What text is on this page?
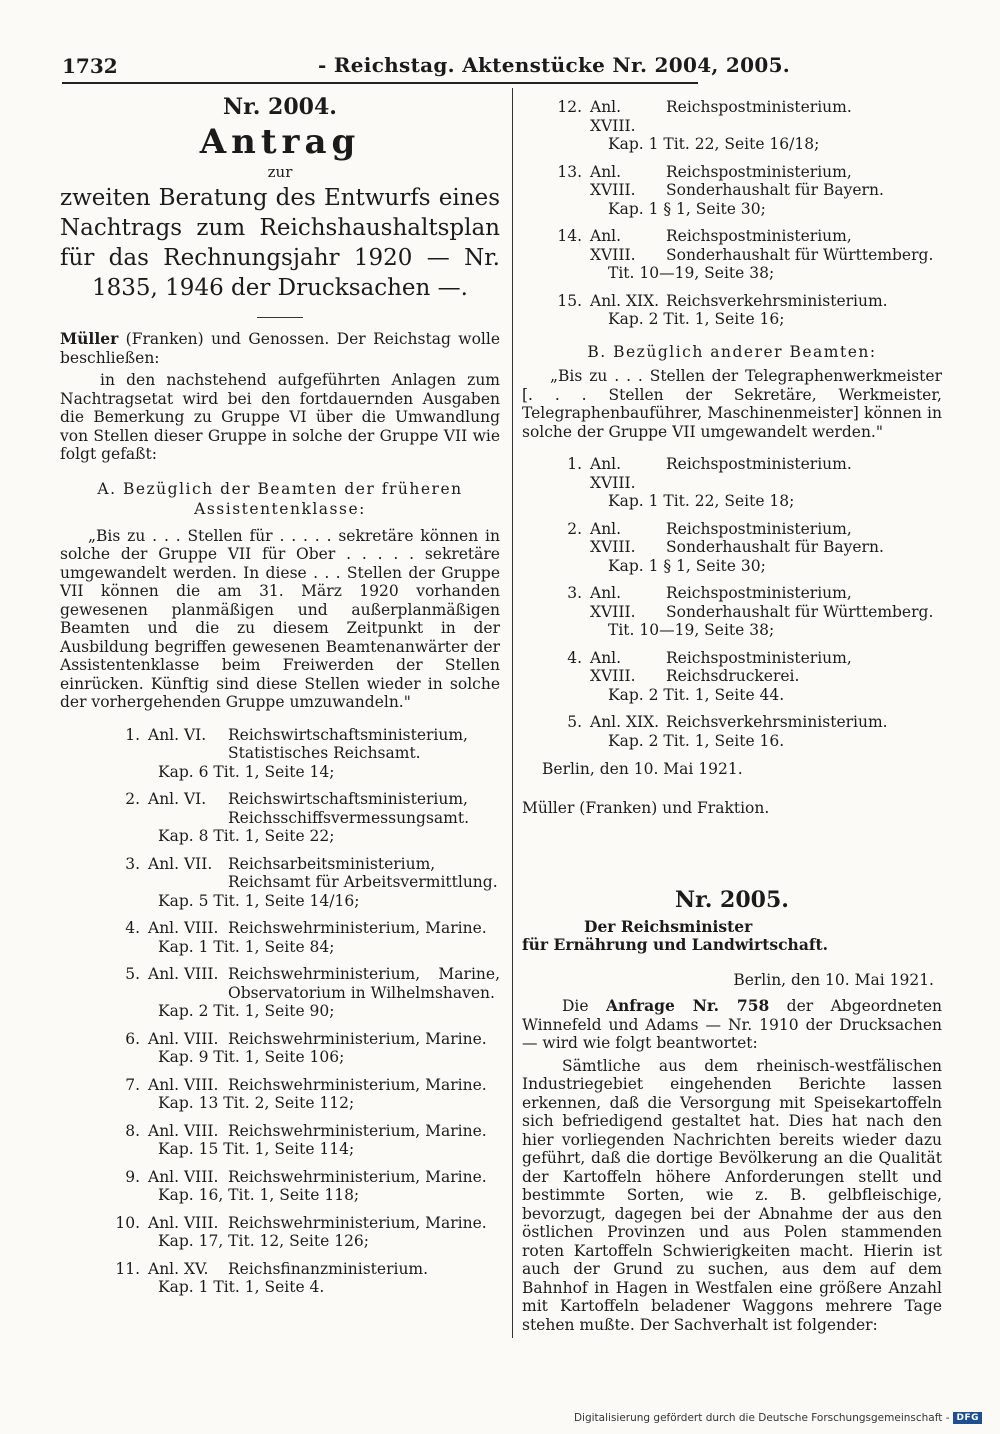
1732	- Reichstag. Aktenstücke Nr. 2004, 2005.
Nr. 2004.
Antrag
zur

zweiten Beratung des Entwurfs eines Nachtrags zum Reichshaushaltsplan für das Rechnungsjahr 1920 — Nr. 1835, 1946 der Drucksachen —.

Müller (Franken) und Genossen. Der Reichstag wolle beschließen:

in den nachstehend aufgeführten Anlagen zum Nachtragsetat wird bei den fortdauernden Ausgaben die Bemerkung zu Gruppe VI über die Umwandlung von Stellen dieser Gruppe in solche der Gruppe VII wie folgt gefaßt:

A. Bezüglich der Beamten der früheren
Assistentenklasse:

„Bis zu . . . Stellen für . . . . . sekretäre können in solche der Gruppe VII für Ober . . . . . sekretäre umgewandelt werden. In diese . . . Stellen der Gruppe VII können die am 31. März 1920 vorhanden gewesenen planmäßigen und außerplanmäßigen Beamten und die zu diesem Zeitpunkt in der Ausbildung begriffen gewesenen Beamtenanwärter der Assistentenklasse beim Freiwerden der Stellen einrücken. Künftig sind diese Stellen wieder in solche der vorhergehenden Gruppe umzuwandeln."

1. Anl. VI.	Reichswirtschaftsministerium, Statistisches Reichsamt.
Kap. 6 Tit. 1, Seite 14;
2. Anl. VI.	Reichswirtschaftsministerium, Reichsschiffsvermessungsamt.
Kap. 8 Tit. 1, Seite 22;
3. Anl. VII.	Reichsarbeitsministerium, Reichsamt für Arbeitsvermittlung.
Kap. 5 Tit. 1, Seite 14/16;
4. Anl. VIII. Reichswehrministerium, Marine.
Kap. 1 Tit. 1, Seite 84;
5. Anl. VIII. Reichswehrministerium, Marine, Observatorium in Wilhelmshaven.
Kap. 2 Tit. 1, Seite 90;
6. Anl. VIII. Reichswehrministerium, Marine.
Kap. 9 Tit. 1, Seite 106;
7. Anl. VIII. Reichswehrministerium, Marine.
Kap. 13 Tit. 2, Seite 112;
8. Anl. VIII. Reichswehrministerium, Marine.
Kap. 15 Tit. 1, Seite 114;
9. Anl. VIII. Reichswehrministerium, Marine.
Kap. 16, Tit. 1, Seite 118;
10. Anl. VIII. Reichswehrministerium, Marine.
Kap. 17, Tit. 12, Seite 126;
11. Anl. XV.	Reichsfinanzministerium.
Kap. 1 Tit. 1, Seite 4.
12. Anl. XVIII.
Reichspostministerium.
Kap. 1 Tit. 22, Seite 16/18;
13. Anl. XVIII.
Reichspostministerium, Sonderhaushalt für Bayern.
Kap. 1 § 1, Seite 30;
14. Anl. XVIII.
Reichspostministerium, Sonderhaushalt für Württemberg.
Tit. 10—19, Seite 38;
15. Anl. XIX. Reichsverkehrsministerium.
Kap. 2 Tit. 1, Seite 16;
B. Bezüglich anderer Beamten:

„Bis zu . . . Stellen der Telegraphenwerkmeister [. . . Stellen der Sekretäre, Werkmeister, Telegraphenbauführer, Maschinenmeister] können in solche der Gruppe VII umgewandelt werden."

1. Anl. XVIII.
Reichspostministerium.
Kap. 1 Tit. 22, Seite 18;
2. Anl. XVIII.
Reichspostministerium, Sonderhaushalt für Bayern.
Kap. 1 § 1, Seite 30;
3. Anl. XVIII.
Reichspostministerium, Sonderhaushalt für Württemberg.
Tit. 10—19, Seite 38;
4. Anl. XVIII.
Reichspostministerium, Reichsdruckerei.
Kap. 2 Tit. 1, Seite 44.
5. Anl. XIX. Reichsverkehrsministerium.
Kap. 2 Tit. 1, Seite 16.

Berlin, den 10. Mai 1921.

Müller (Franken) und Fraktion.

Nr. 2005.
Der Reichsminister
für Ernährung und Landwirtschaft.

Berlin, den 10. Mai 1921.

Die Anfrage Nr. 758 der Abgeordneten Winnefeld und Adams — Nr. 1910 der Drucksachen — wird wie folgt beantwortet:

Sämtliche aus dem rheinisch-westfälischen Industriegebiet eingehenden Berichte lassen erkennen, daß die Versorgung mit Speisekartoffeln sich befriedigend gestaltet hat. Dies hat nach den hier vorliegenden Nachrichten bereits wieder dazu geführt, daß die dortige Bevölkerung an die Qualität der Kartoffeln höhere Anforderungen stellt und bestimmte Sorten, wie z. B. gelbfleischige, bevorzugt, dagegen bei der Abnahme der aus den östlichen Provinzen und aus Polen stammenden roten Kartoffeln Schwierigkeiten macht. Hierin ist auch der Grund zu suchen, aus dem auf dem Bahnhof in Hagen in Westfalen eine größere Anzahl mit Kartoffeln beladener Waggons mehrere Tage stehen mußte. Der Sachverhalt ist folgender:

Digitalisierung gefördert durch die Deutsche Forschungsgemeinschaft - DFG
